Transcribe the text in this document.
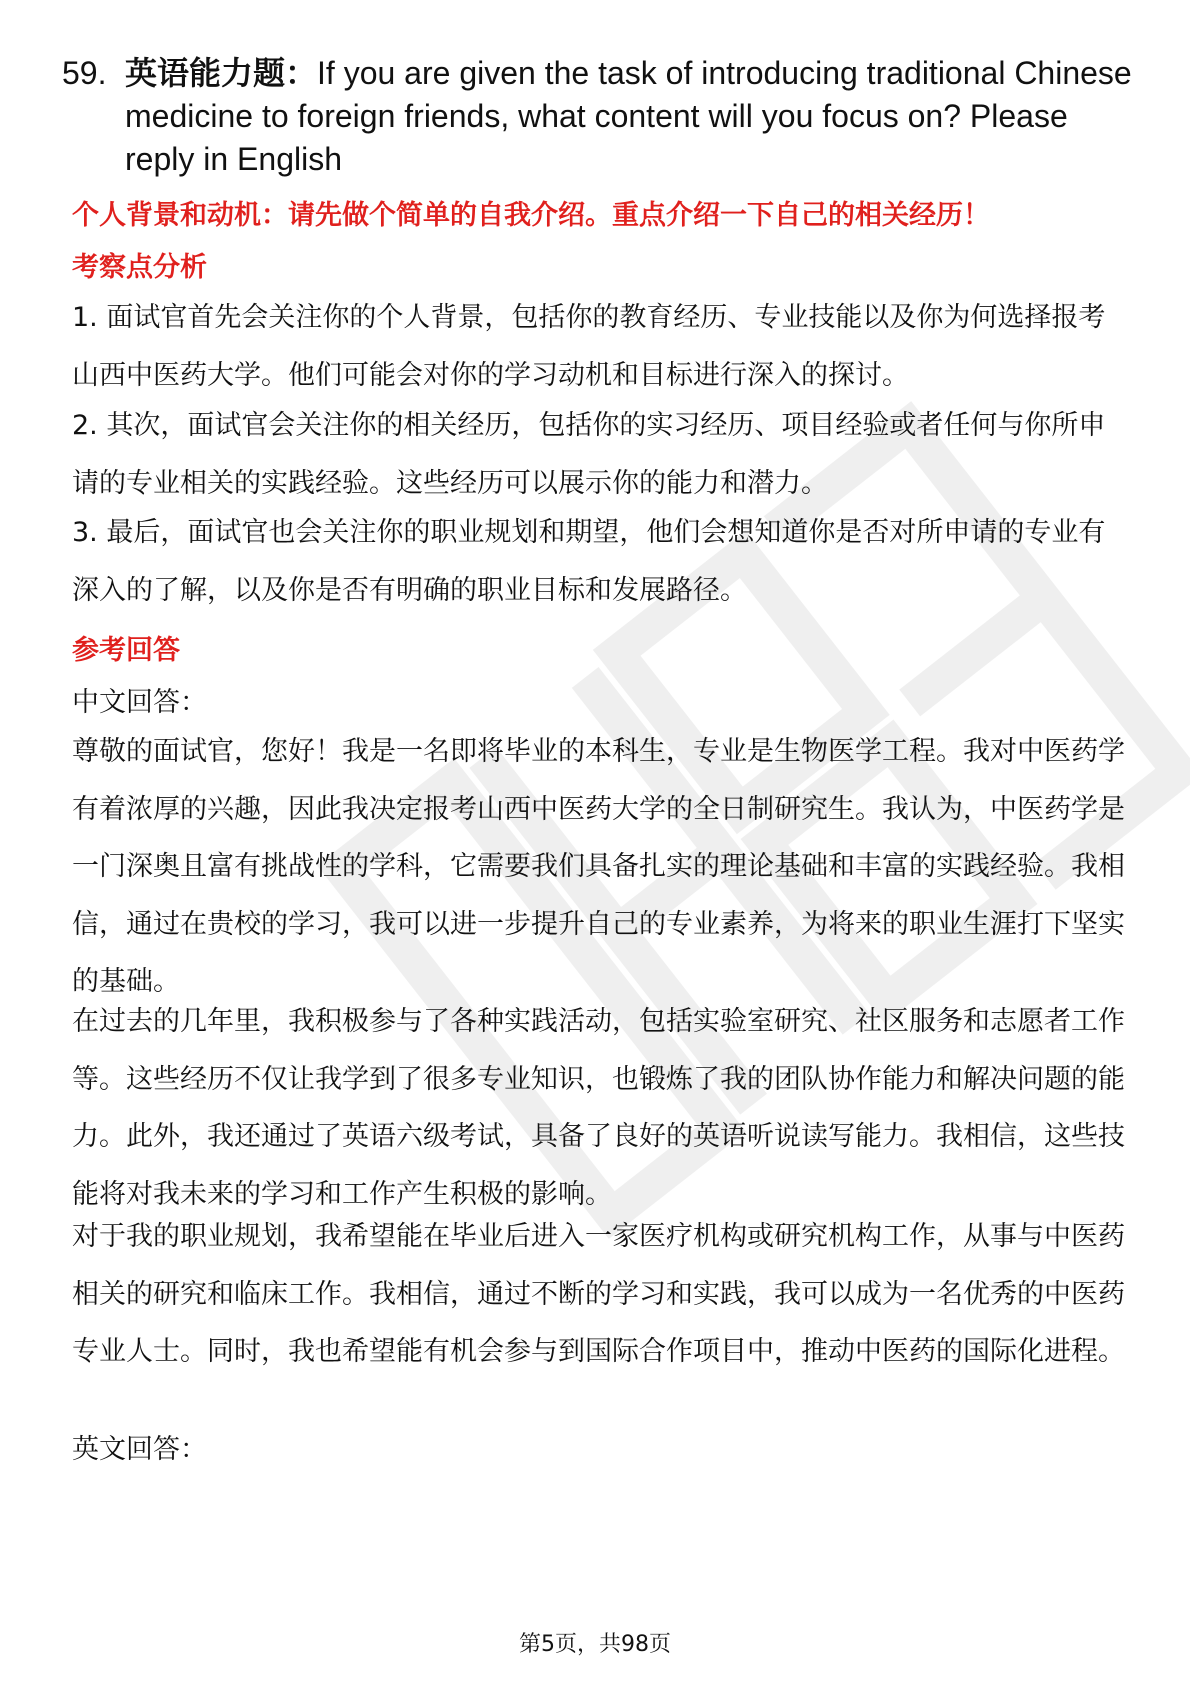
59. 英语能力题：If you are given the task of introducing traditional Chinese medicine to foreign friends, what content will you focus on? Please reply in English
个人背景和动机：请先做个简单的自我介绍。重点介绍一下自己的相关经历！
考察点分析
1. 面试官首先会关注你的个人背景，包括你的教育经历、专业技能以及你为何选择报考山西中医药大学。他们可能会对你的学习动机和目标进行深入的探讨。
2. 其次，面试官会关注你的相关经历，包括你的实习经历、项目经验或者任何与你所申请的专业相关的实践经验。这些经历可以展示你的能力和潜力。
3. 最后，面试官也会关注你的职业规划和期望，他们会想知道你是否对所申请的专业有深入的了解，以及你是否有明确的职业目标和发展路径。
参考回答
中文回答：
尊敬的面试官，您好！我是一名即将毕业的本科生，专业是生物医学工程。我对中医药学有着浓厚的兴趣，因此我决定报考山西中医药大学的全日制研究生。我认为，中医药学是一门深奥且富有挑战性的学科，它需要我们具备扎实的理论基础和丰富的实践经验。我相信，通过在贵校的学习，我可以进一步提升自己的专业素养，为将来的职业生涯打下坚实的基础。
在过去的几年里，我积极参与了各种实践活动，包括实验室研究、社区服务和志愿者工作等。这些经历不仅让我学到了很多专业知识，也锻炼了我的团队协作能力和解决问题的能力。此外，我还通过了英语六级考试，具备了良好的英语听说读写能力。我相信，这些技能将对我未来的学习和工作产生积极的影响。
对于我的职业规划，我希望能在毕业后进入一家医疗机构或研究机构工作，从事与中医药相关的研究和临床工作。我相信，通过不断的学习和实践，我可以成为一名优秀的中医药专业人士。同时，我也希望能有机会参与到国际合作项目中，推动中医药的国际化进程。
英文回答：
第5页，共98页
